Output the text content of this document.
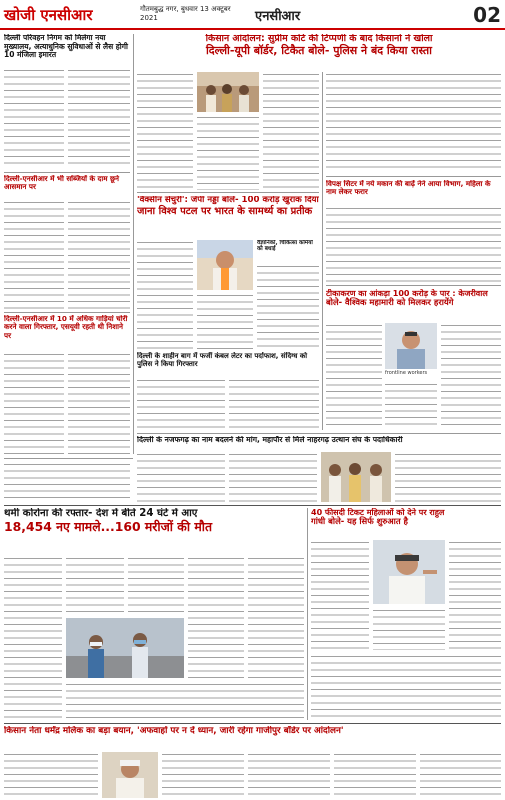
खोजी एनसीआर	गौतमबुद्ध नगर, बुधवार 13 अक्टूबर 2021	एनसीआर	02
दिल्ली परिवहन निगम को मिलेगा नया मुख्यालय, अत्याधुनिक सुविधाओं से लैस होगी 10 मंजिला इमारत
दिल्ली-एनसीआर में भी सब्जियों के दाम छूने आसमान पर
दिल्ली-एनसीआर में 10 में अधिक गाड़ियां चोरी करने वाला गिरफ्तार, एसयूवी रहती थी निशाने पर
किसान आंदोलन: सुप्रीम कोर्ट की टिप्पणी के बाद किसानों ने खोला
दिल्ली-यूपी बॉर्डर, टिकैत बोले- पुलिस ने बंद किया रास्ता
'वैक्सीन सेंचुरी': जेपी नड्डा बोले- 100 करोड़ खुराक दिया
जाना विश्व पटल पर भारत के सामर्थ्य का प्रतीक
वैज्ञानिकों, चिकित्सा कर्मियों को बधाई
दिल्ली के शाहीन बाग में फर्जी कंबल लेटर का पर्दाफाश, संदिग्ध को पुलिस ने किया गिरफ्तार
विपक्ष सिटर में नये मकान की बाढ़ें नेने आया विभाग, महिला के नाम लेकर फरार
टीकाकरण का आंकड़ा 100 करोड़ के पार : केजरीवाल
बोले- वैश्विक महामारी को मिलकर हरायेंगे
frontline workers
दिल्ली के नजफगढ़ का नाम बदलने की मांग, महापौर से मिले नाहरगढ़ उत्थान संघ के पदाधिकारी
थमी कोरोना की रफ्तार- देश में बीते 24 घंटे में आए
18,454 नए मामले...160 मरीजों की मौत
40 फीसदी टिकट महिलाओं को देने पर राहुल
गांधी बोले- यह सिर्फ शुरुआत है
किसान नेता धर्मेंद्र मलिक का बड़ा बयान, 'अफवाहों पर न दें ध्यान, जारी रहेगा गाजीपुर बॉर्डर पर आंदोलन'
